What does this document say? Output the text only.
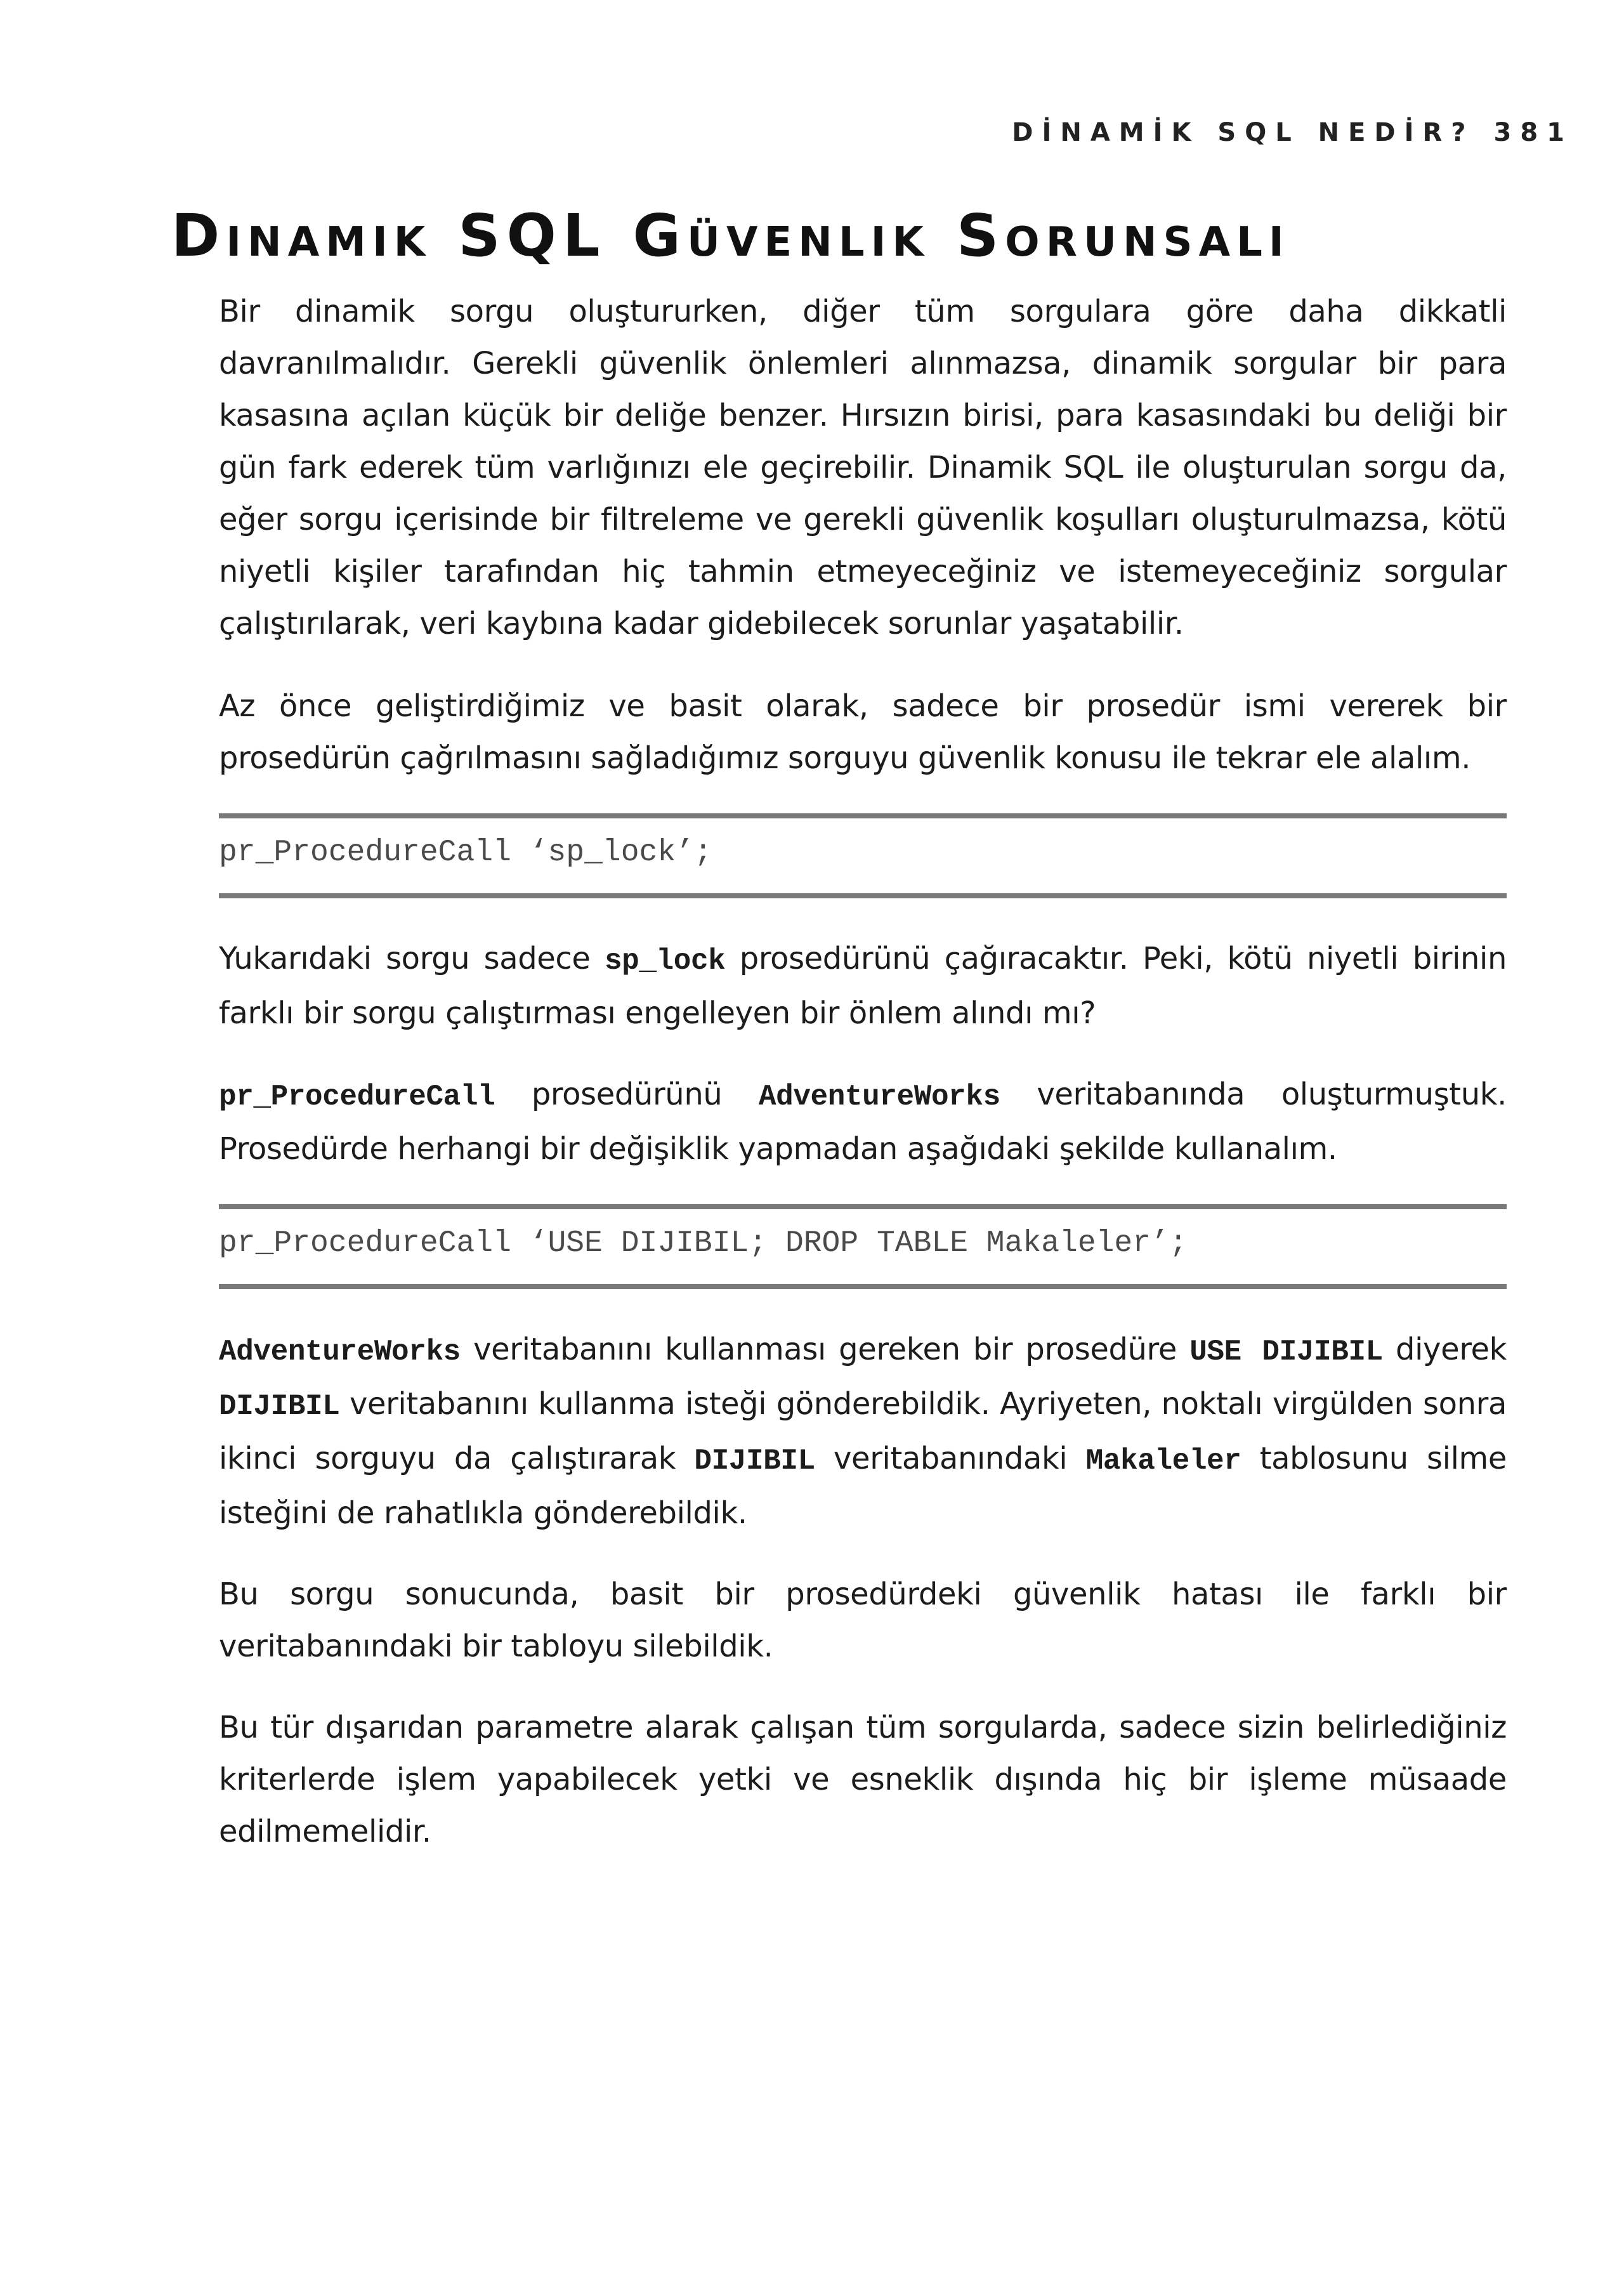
DİNAMİK SQL NEDİR? 381
Dinamik SQL Güvenlik Sorunsalı

Bir dinamik sorgu oluştururken, diğer tüm sorgulara göre daha dikkatli davranılmalıdır. Gerekli güvenlik önlemleri alınmazsa, dinamik sorgular bir para kasasına açılan küçük bir deliğe benzer. Hırsızın birisi, para kasasındaki bu deliği bir gün fark ederek tüm varlığınızı ele geçirebilir. Dinamik SQL ile oluşturulan sorgu da, eğer sorgu içerisinde bir filtreleme ve gerekli güvenlik koşulları oluşturulmazsa, kötü niyetli kişiler tarafından hiç tahmin etmeyeceğiniz ve istemeyeceğiniz sorgular çalıştırılarak, veri kaybına kadar gidebilecek sorunlar yaşatabilir.

Az önce geliştirdiğimiz ve basit olarak, sadece bir prosedür ismi vererek bir prosedürün çağrılmasını sağladığımız sorguyu güvenlik konusu ile tekrar ele alalım.

pr_ProcedureCall ‘sp_lock’;

Yukarıdaki sorgu sadece sp_lock prosedürünü çağıracaktır. Peki, kötü niyetli birinin farklı bir sorgu çalıştırması engelleyen bir önlem alındı mı?

pr_ProcedureCall prosedürünü AdventureWorks veritabanında oluşturmuştuk. Prosedürde herhangi bir değişiklik yapmadan aşağıdaki şekilde kullanalım.

pr_ProcedureCall ‘USE DIJIBIL; DROP TABLE Makaleler’;

AdventureWorks veritabanını kullanması gereken bir prosedüre USE DIJIBIL diyerek DIJIBIL veritabanını kullanma isteği gönderebildik. Ayriyeten, noktalı virgülden sonra ikinci sorguyu da çalıştırarak DIJIBIL veritabanındaki Makaleler tablosunu silme isteğini de rahatlıkla gönderebildik.

Bu sorgu sonucunda, basit bir prosedürdeki güvenlik hatası ile farklı bir veritabanındaki bir tabloyu silebildik.

Bu tür dışarıdan parametre alarak çalışan tüm sorgularda, sadece sizin belirlediğiniz kriterlerde işlem yapabilecek yetki ve esneklik dışında hiç bir işleme müsaade edilmemelidir.
